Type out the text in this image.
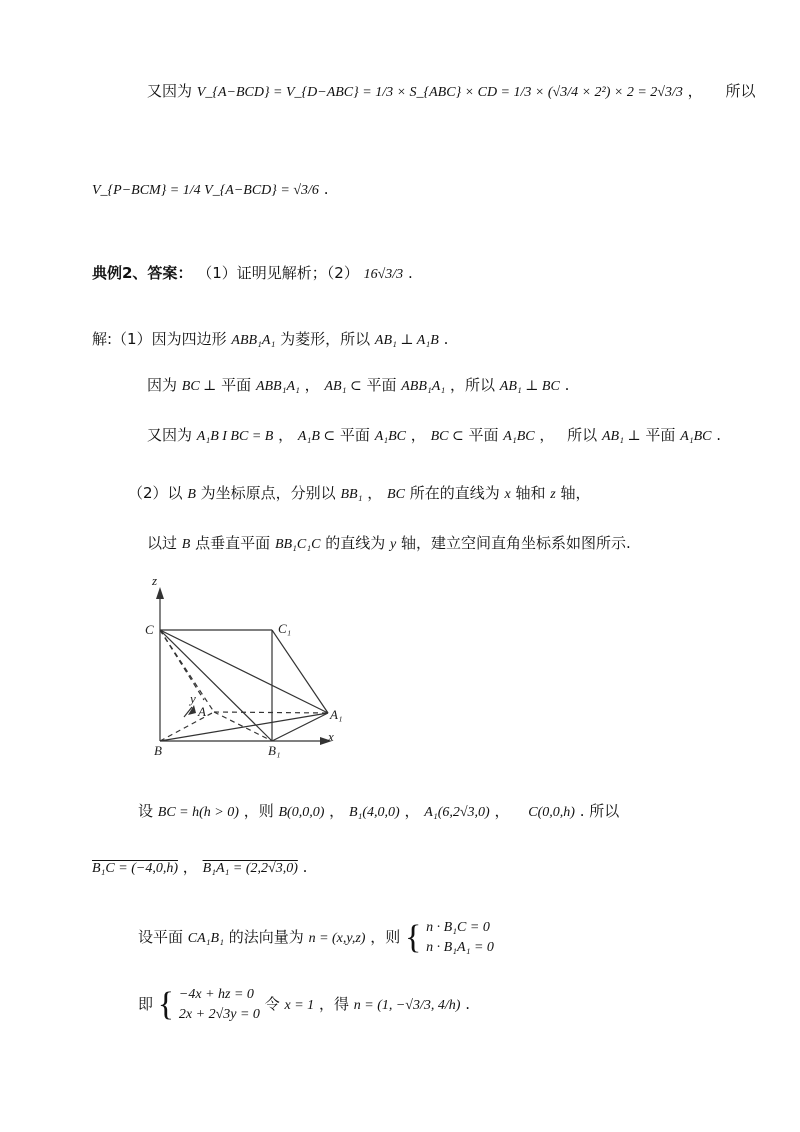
又因为 V_{A−BCD} = V_{D−ABC} = 1/3 × S_{ABC} × CD = 1/3 × (√3/4 × 2²) × 2 = 2√3/3 ， 所以
V_{P−BCM} = 1/4 V_{A−BCD} = √3/6 .
典例2、答案： （1）证明见解析；（2） 16√3/3 .
解:（1）因为四边形 ABB₁A₁ 为菱形，所以 AB₁ ⊥ A₁B .
因为 BC ⊥ 平面 ABB₁A₁ ， AB₁ ⊂ 平面 ABB₁A₁ ，所以 AB₁ ⊥ BC .
又因为 A₁B I BC = B ， A₁B ⊂ 平面 A₁BC ， BC ⊂ 平面 A₁BC ， 所以 AB₁ ⊥ 平面 A₁BC .
（2）以 B 为坐标原点，分别以 BB₁ ， BC 所在的直线为 x 轴和 z 轴，
以过 B 点垂直平面 BB₁C₁C 的直线为 y 轴，建立空间直角坐标系如图所示.
z
C	C₁
y
A	A₁
B	B₁
x
设 BC = h(h > 0) ，则 B(0,0,0) ， B₁(4,0,0) ， A₁(6,2√3,0) ， C(0,0,h) . 所以
B₁C = (−4,0,h) ， B₁A₁ = (2,2√3,0) .
设平面 CA₁B₁ 的法向量为 n = (x,y,z) ，则 { n · B₁C = 0
n · B₁A₁ = 0
即 { −4x + hz = 0
2x + 2√3y = 0
令 x = 1 ，得 n = (1, −√3/3, 4/h) .
